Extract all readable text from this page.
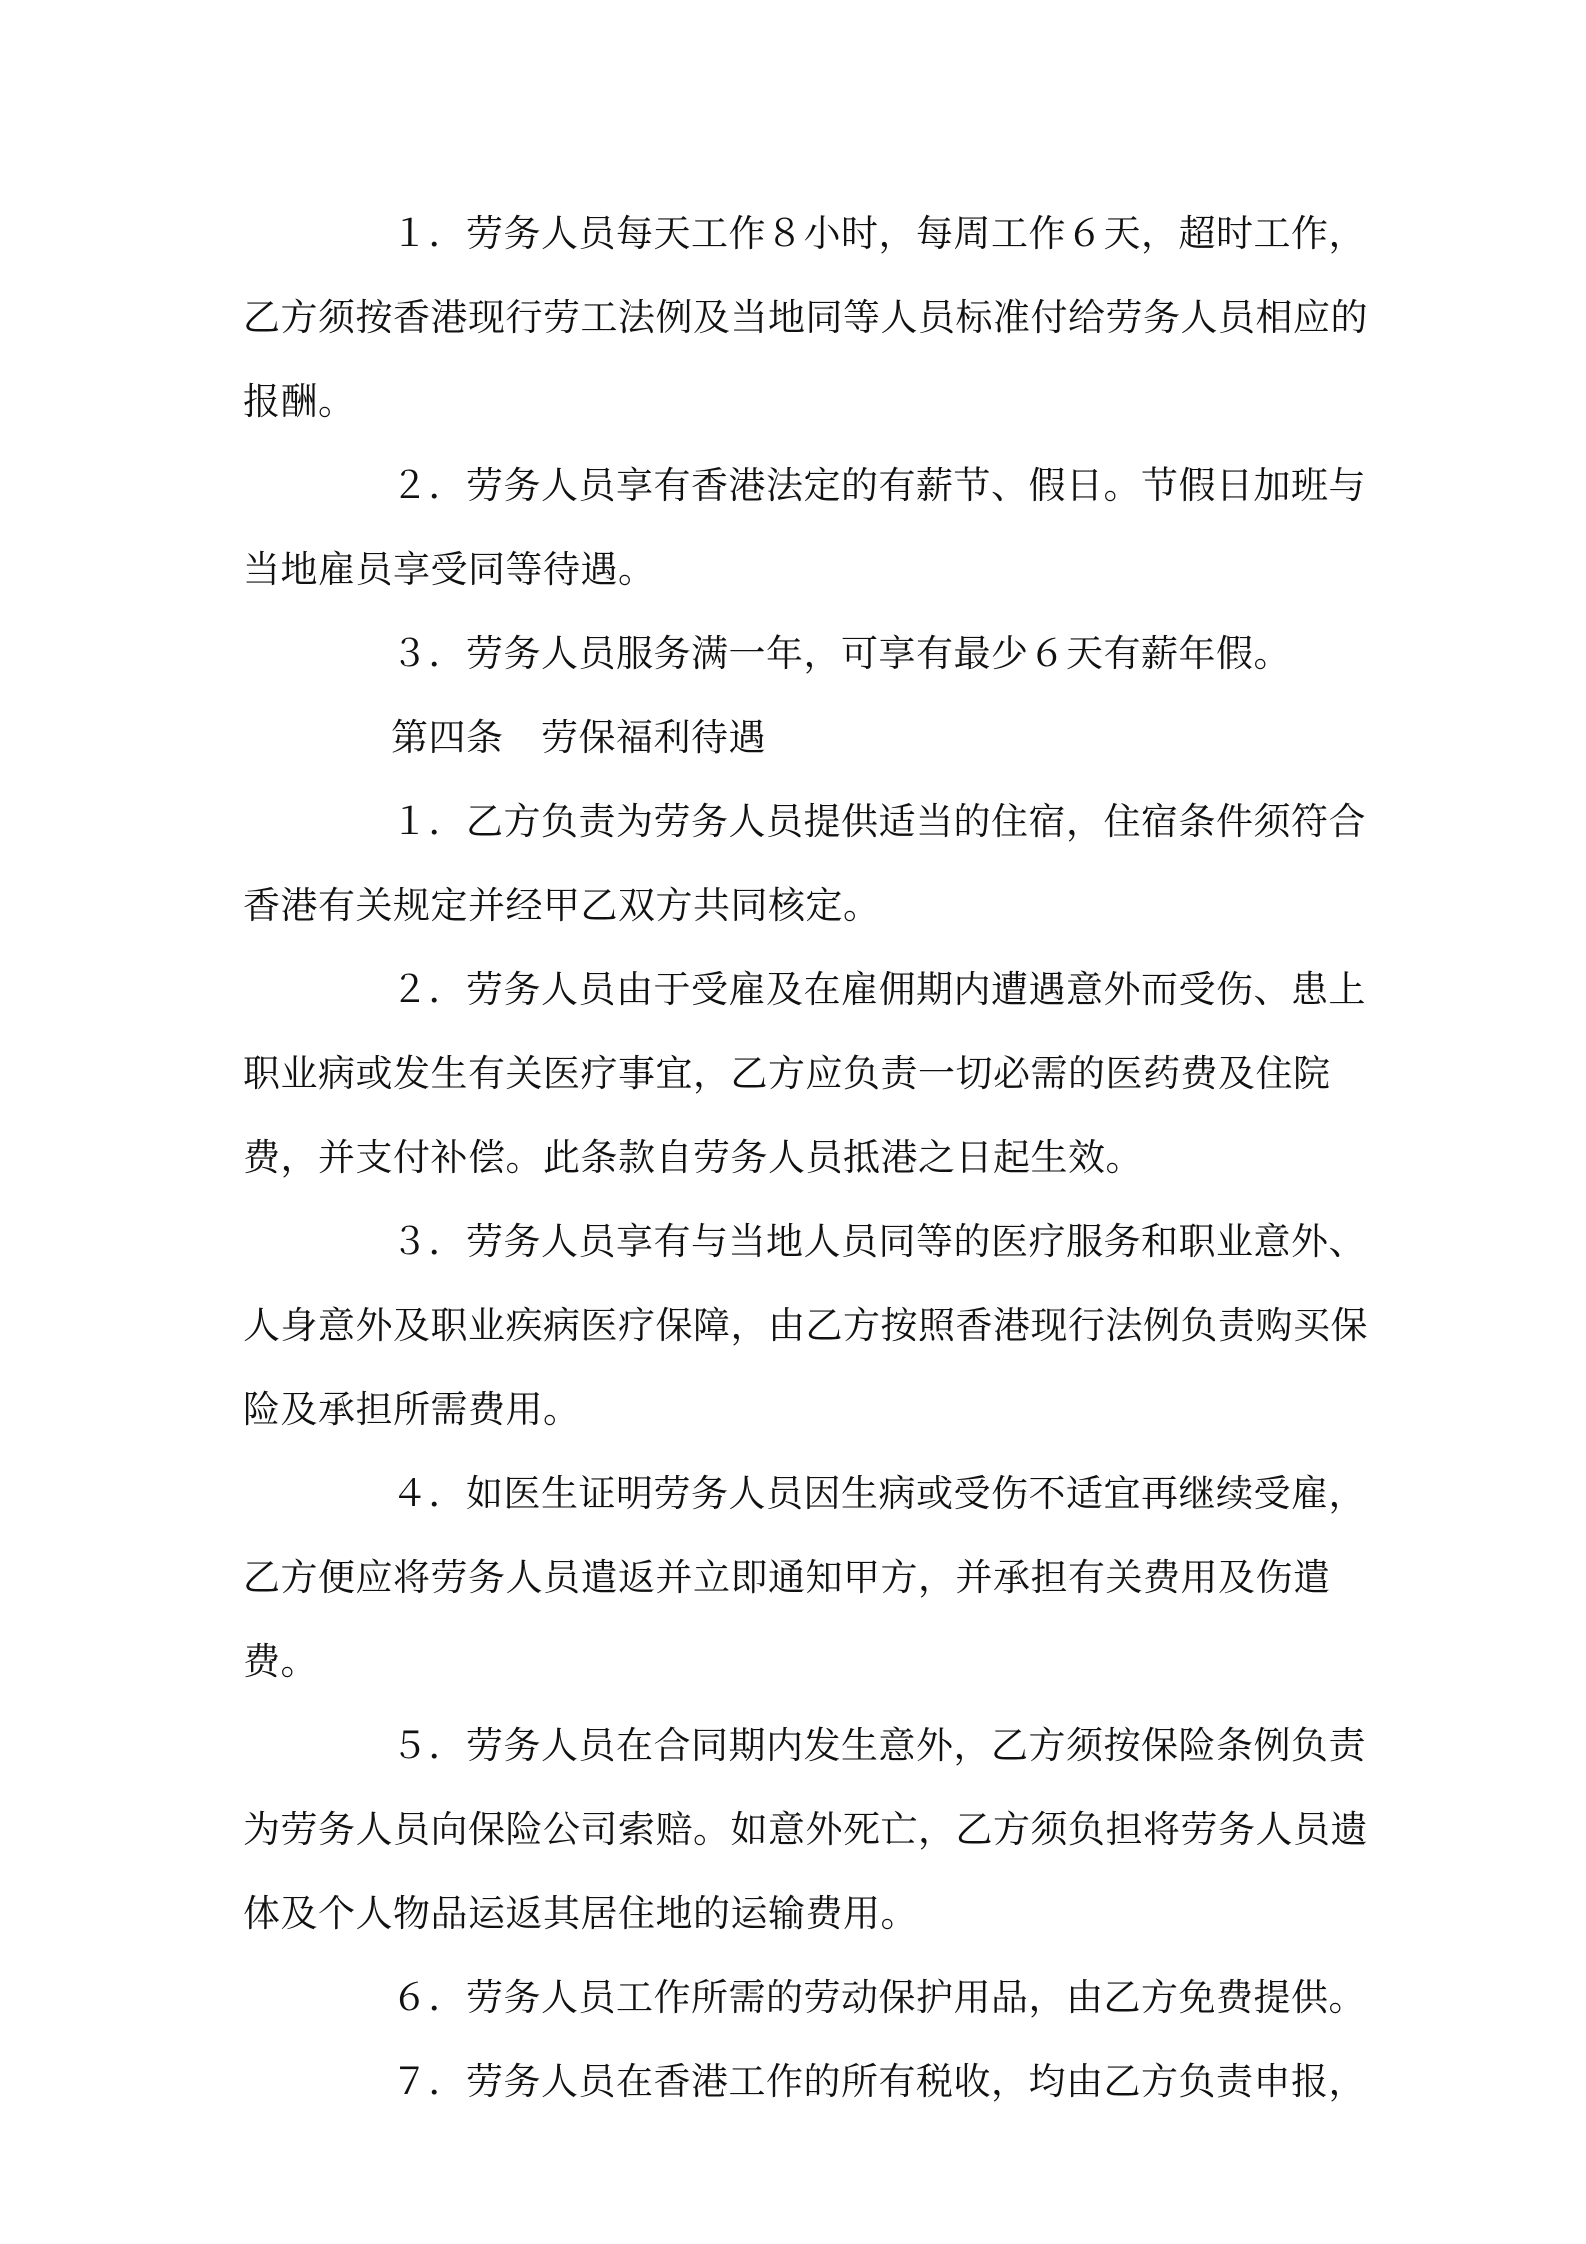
１．劳务人员每天工作８小时，每周工作６天，超时工作，乙方须按香港现行劳工法例及当地同等人员标准付给劳务人员相应的报酬。

２．劳务人员享有香港法定的有薪节、假日。节假日加班与当地雇员享受同等待遇。

３．劳务人员服务满一年，可享有最少６天有薪年假。

第四条　劳保福利待遇

１．乙方负责为劳务人员提供适当的住宿，住宿条件须符合香港有关规定并经甲乙双方共同核定。

２．劳务人员由于受雇及在雇佣期内遭遇意外而受伤、患上职业病或发生有关医疗事宜，乙方应负责一切必需的医药费及住院费，并支付补偿。此条款自劳务人员抵港之日起生效。

３．劳务人员享有与当地人员同等的医疗服务和职业意外、人身意外及职业疾病医疗保障，由乙方按照香港现行法例负责购买保险及承担所需费用。

４．如医生证明劳务人员因生病或受伤不适宜再继续受雇，乙方便应将劳务人员遣返并立即通知甲方，并承担有关费用及伤遣费。

５．劳务人员在合同期内发生意外，乙方须按保险条例负责为劳务人员向保险公司索赔。如意外死亡，乙方须负担将劳务人员遗体及个人物品运返其居住地的运输费用。

６．劳务人员工作所需的劳动保护用品，由乙方免费提供。

７．劳务人员在香港工作的所有税收，均由乙方负责申报，
